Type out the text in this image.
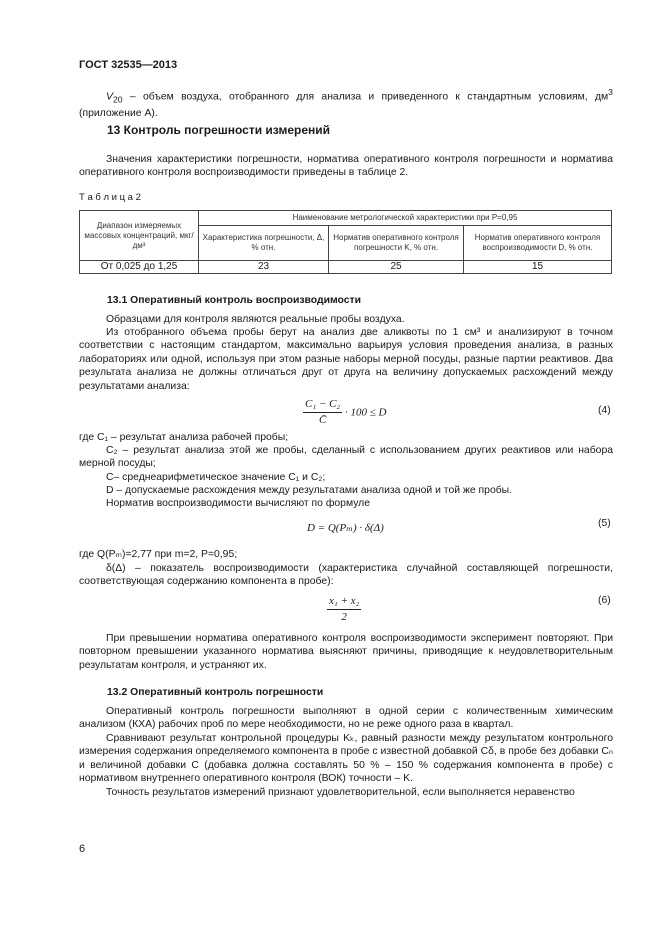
ГОСТ 32535—2013
$V_{20}$ – объем воздуха, отобранного для анализа и приведенного к стандартным условиям, $дм^3$ (приложение А).
13 Контроль погрешности измерений
Значения характеристики погрешности, норматива оперативного контроля погрешности и норматива оперативного контроля воспроизводимости приведены в таблице 2.
Т а б л и ц а 2
Диапазон измеряемых массовых концентраций, мкг/дм³	Наименование метрологической характеристики при P=0,95		
	Характеристика погрешности, Δ, % отн.	Норматив оперативного контроля погрешности K, % отн.	Норматив оперативного контроля воспроизводимости D, % отн.
От 0,025 до 1,25	23	25	15
13.1 Оперативный контроль воспроизводимости
Образцами для контроля являются реальные пробы воздуха.
Из отобранного объема пробы берут на анализ две аликвоты по 1 см³ и анализируют в точном соответствии с настоящим стандартом, максимально варьируя условия проведения анализа, в разных лабораториях или одной, используя при этом разные наборы мерной посуды, разные партии реактивов. Два результата анализа не должны отличаться друг от друга на величину допускаемых расхождений между результатами анализа:
$\frac{\text{C₁ − C₂}}{C̄} \cdot 100 \le D$	(4)
где C₁ – результат анализа рабочей пробы;
C₂ – результат анализа этой же пробы, сделанный с использованием других реактивов или набора мерной посуды;
C– среднеарифметическое значение C₁ и C₂;
D – допускаемые расхождения между результатами анализа одной и той же пробы.
Норматив воспроизводимости вычисляют по формуле
D = Q(Pₘ) · δ(Δ)	(5)
где Q(Pₘ)=2,77 при m=2, P=0,95;
δ(Δ) – показатель воспроизводимости (характеристика случайной составляющей погрешности, соответствующая содержанию компонента в пробе):
$\frac{\text{x₁ + x₂}}{2}$	(6)
При превышении норматива оперативного контроля воспроизводимости эксперимент повторяют. При повторном превышении указанного норматива выясняют причины, приводящие к неудовлетворительным результатам контроля, и устраняют их.
13.2 Оперативный контроль погрешности
Оперативный контроль погрешности выполняют в одной серии с количественным химическим анализом (КХА) рабочих проб по мере необходимости, но не реже одного раза в квартал.
Сравнивают результат контрольной процедуры Kₖ, равный разности между результатом контрольного измерения содержания определяемого компонента в пробе с известной добавкой Cδ, в пробе без добавки Cₙ и величиной добавки C (добавка должна составлять 50 % – 150 % содержания компонента в пробе) с нормативом внутреннего оперативного контроля (ВОК) точности – K.
Точность результатов измерений признают удовлетворительной, если выполняется неравенство
6
